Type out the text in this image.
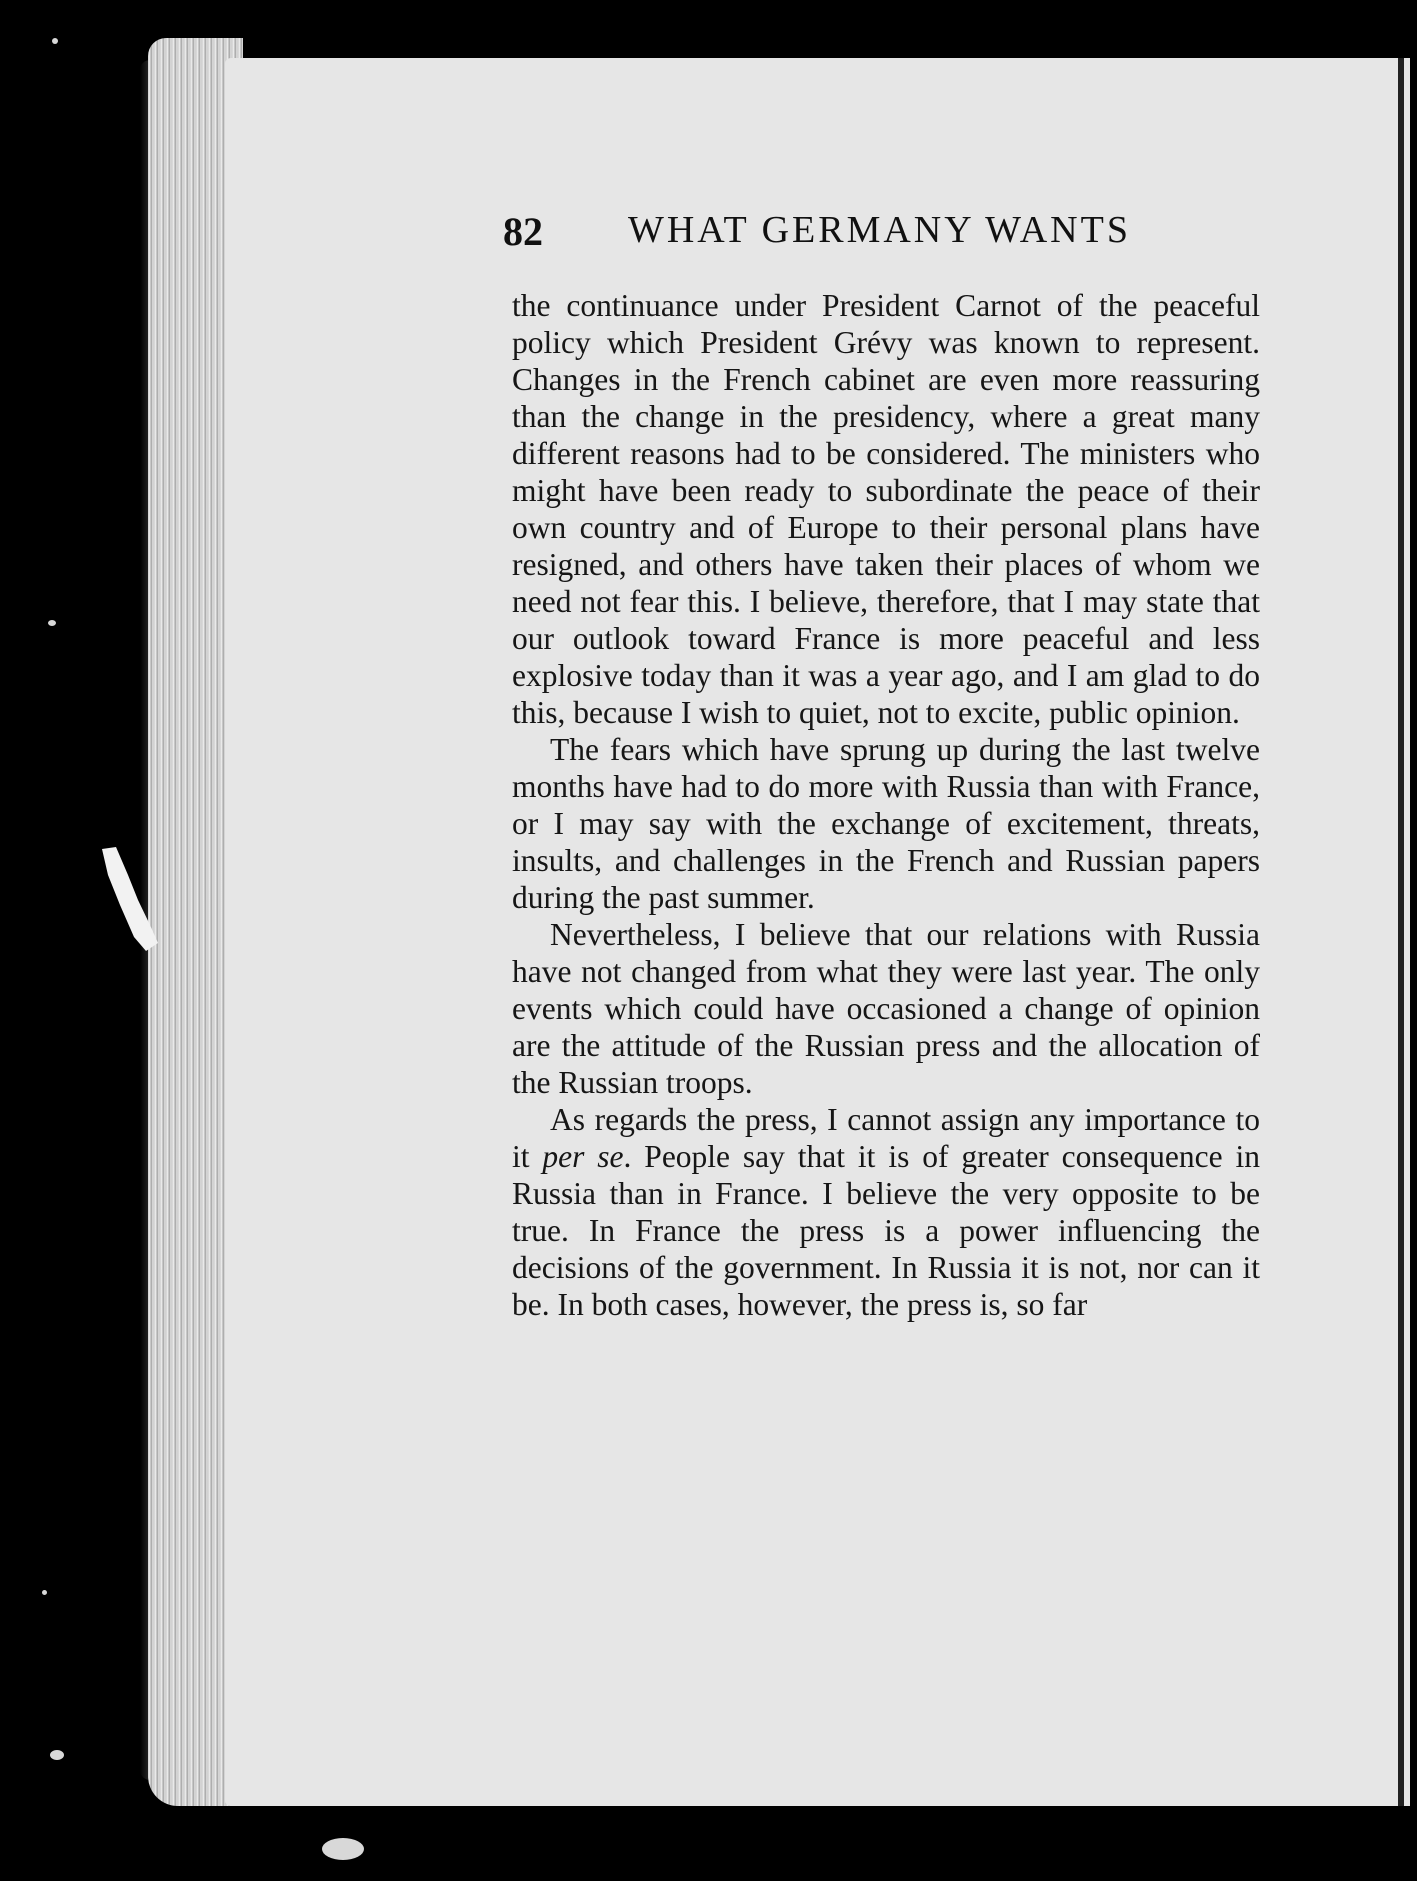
82 WHAT GERMANY WANTS

the continuance under President Carnot of the peaceful policy which President Grévy was known to represent. Changes in the French cabinet are even more reassuring than the change in the presidency, where a great many different reasons had to be considered. The ministers who might have been ready to subordinate the peace of their own country and of Europe to their personal plans have resigned, and others have taken their places of whom we need not fear this. I believe, therefore, that I may state that our outlook toward France is more peaceful and less explosive today than it was a year ago, and I am glad to do this, because I wish to quiet, not to excite, public opinion.

The fears which have sprung up during the last twelve months have had to do more with Russia than with France, or I may say with the exchange of excitement, threats, insults, and challenges in the French and Russian papers during the past summer.

Nevertheless, I believe that our relations with Russia have not changed from what they were last year. The only events which could have occasioned a change of opinion are the attitude of the Russian press and the allocation of the Russian troops.

As regards the press, I cannot assign any importance to it per se. People say that it is of greater consequence in Russia than in France. I believe the very opposite to be true. In France the press is a power influencing the decisions of the government. In Russia it is not, nor can it be. In both cases, however, the press is, so far
